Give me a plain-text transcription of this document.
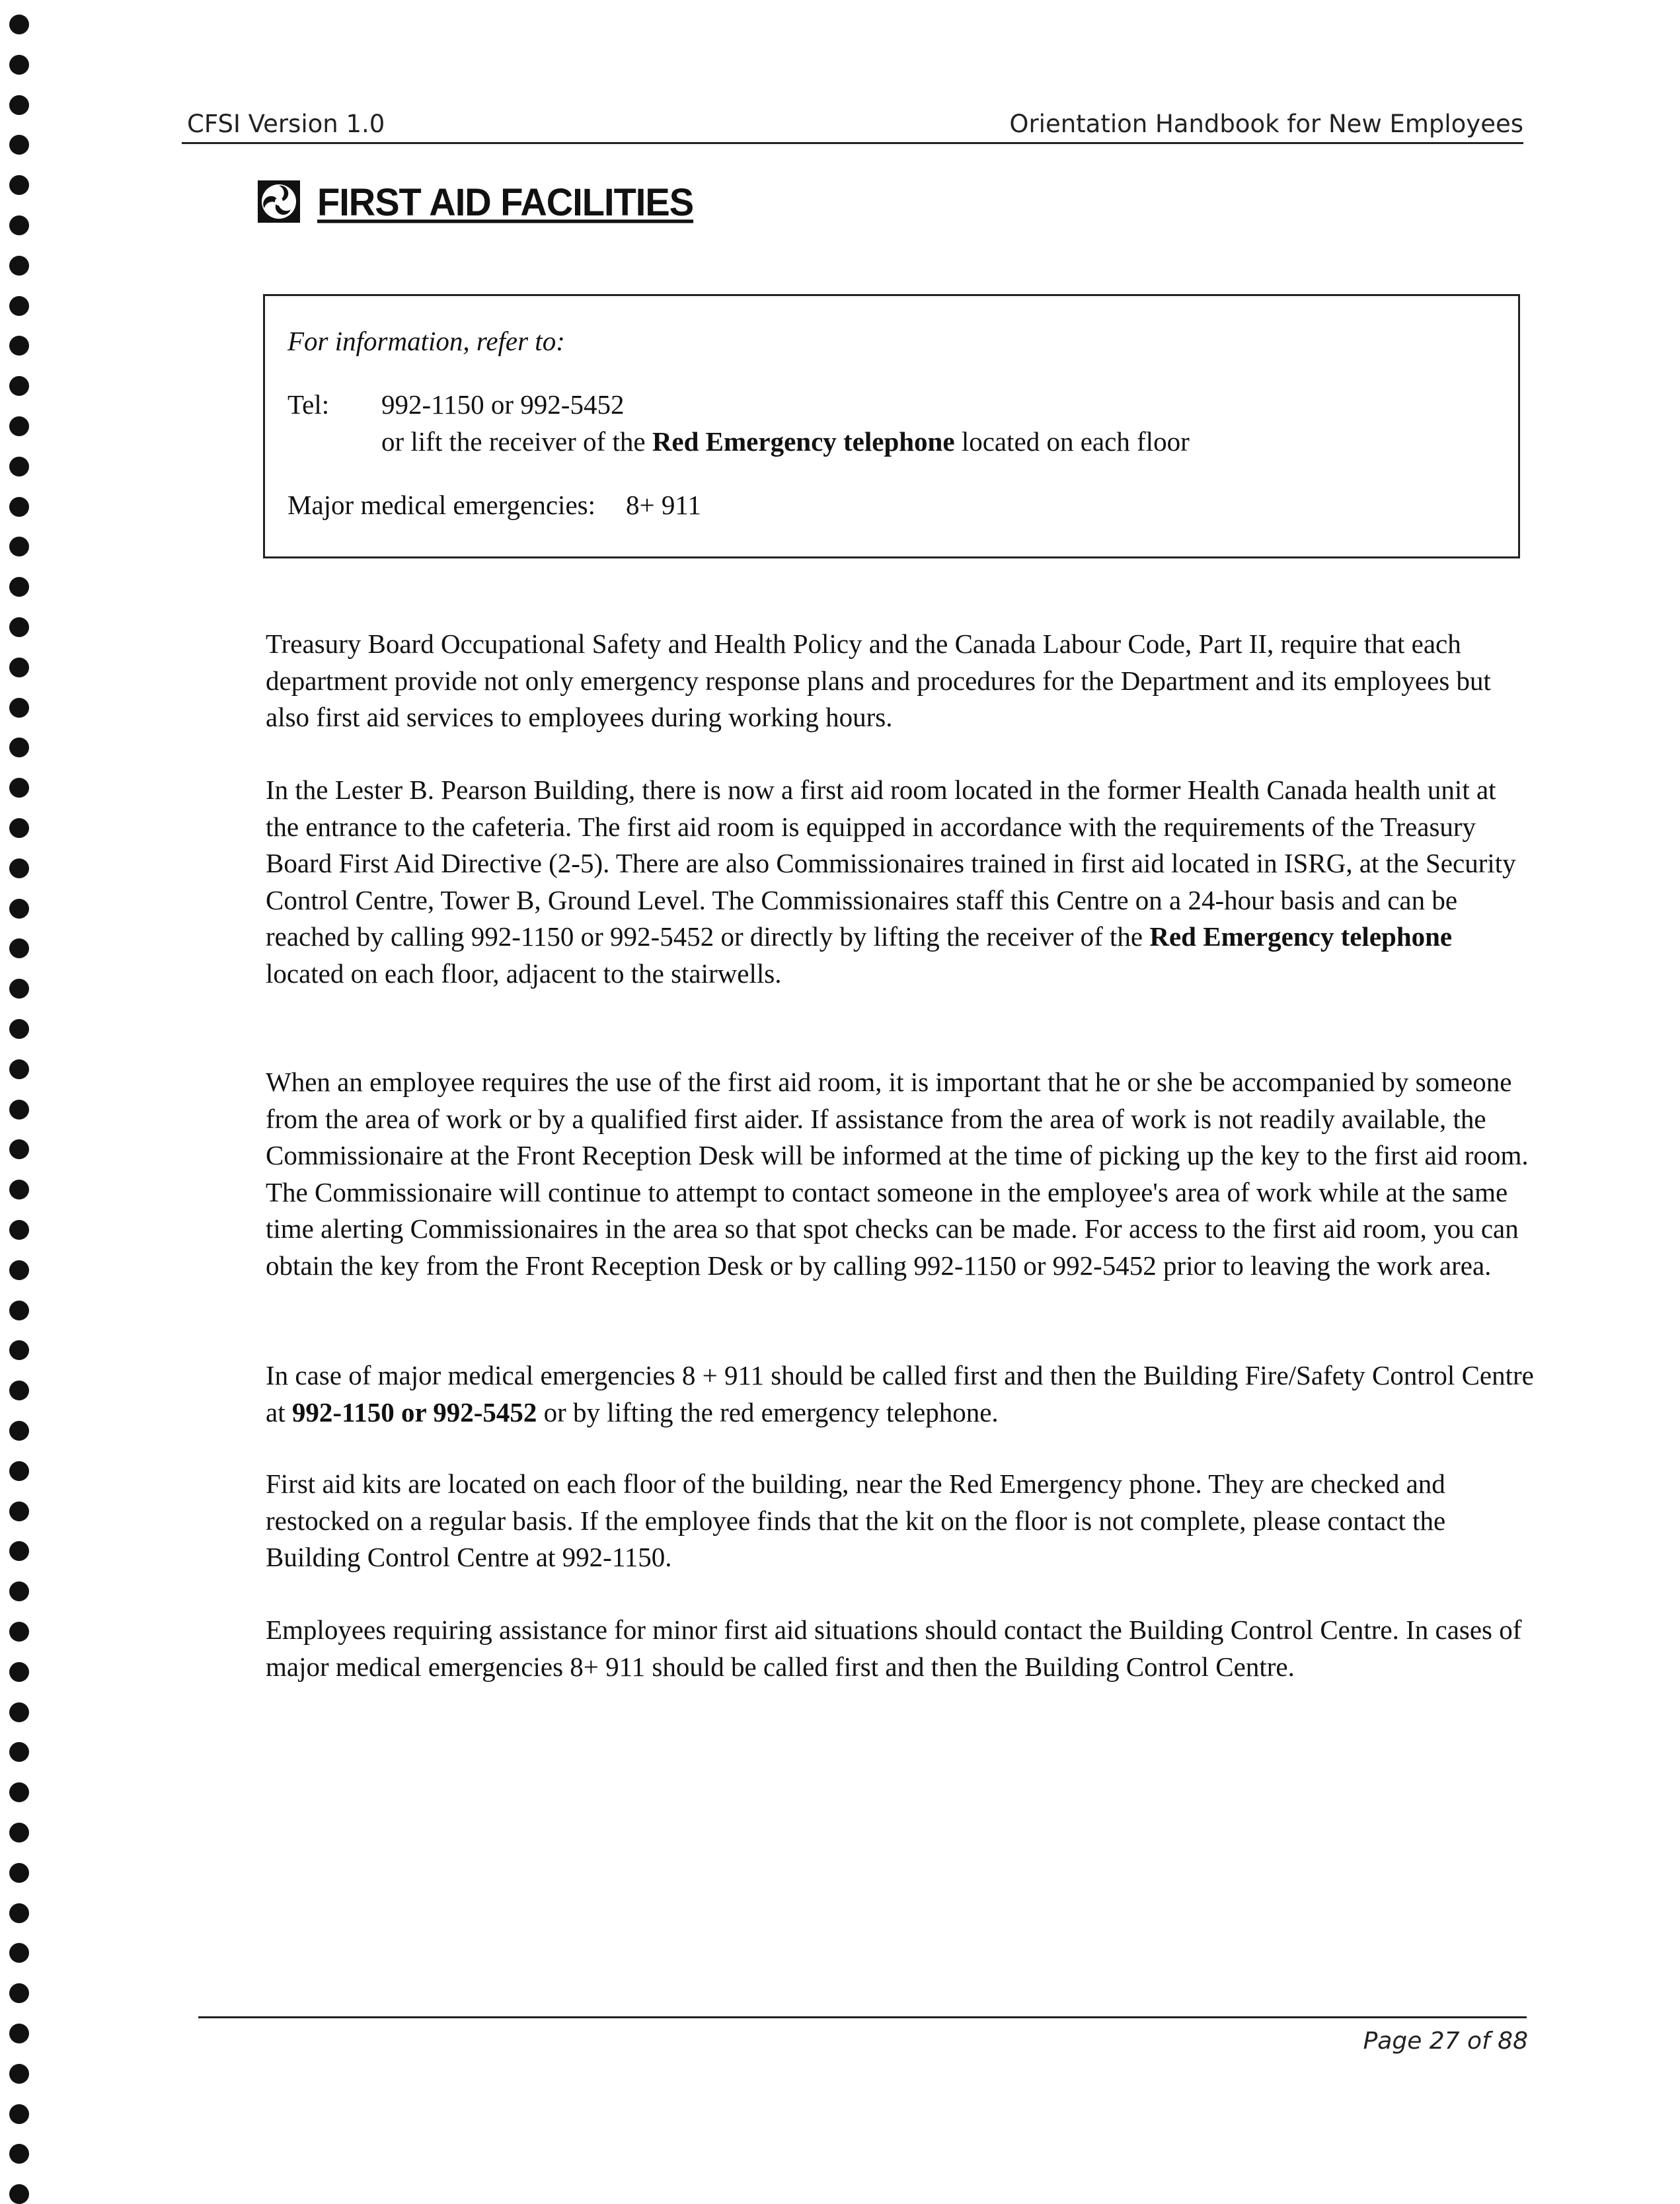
CFSI Version 1.0	Orientation Handbook for New Employees
FIRST AID FACILITIES
For information, refer to:
Tel:	992-1150 or 992-5452
or lift the receiver of the Red Emergency telephone located on each floor
Major medical emergencies: 8+ 911

Treasury Board Occupational Safety and Health Policy and the Canada Labour Code, Part II, require that each department provide not only emergency response plans and procedures for the Department and its employees but also first aid services to employees during working hours.

In the Lester B. Pearson Building, there is now a first aid room located in the former Health Canada health unit at the entrance to the cafeteria. The first aid room is equipped in accordance with the requirements of the Treasury Board First Aid Directive (2-5). There are also Commissionaires trained in first aid located in ISRG, at the Security Control Centre, Tower B, Ground Level. The Commissionaires staff this Centre on a 24-hour basis and can be reached by calling 992-1150 or 992-5452 or directly by lifting the receiver of the Red Emergency telephone located on each floor, adjacent to the stairwells.

When an employee requires the use of the first aid room, it is important that he or she be accompanied by someone from the area of work or by a qualified first aider. If assistance from the area of work is not readily available, the Commissionaire at the Front Reception Desk will be informed at the time of picking up the key to the first aid room. The Commissionaire will continue to attempt to contact someone in the employee's area of work while at the same time alerting Commissionaires in the area so that spot checks can be made. For access to the first aid room, you can obtain the key from the Front Reception Desk or by calling 992-1150 or 992-5452 prior to leaving the work area.

In case of major medical emergencies 8 + 911 should be called first and then the Building Fire/Safety Control Centre at 992-1150 or 992-5452 or by lifting the red emergency telephone.

First aid kits are located on each floor of the building, near the Red Emergency phone. They are checked and restocked on a regular basis. If the employee finds that the kit on the floor is not complete, please contact the Building Control Centre at 992-1150.

Employees requiring assistance for minor first aid situations should contact the Building Control Centre. In cases of major medical emergencies 8+ 911 should be called first and then the Building Control Centre.

Page 27 of 88
